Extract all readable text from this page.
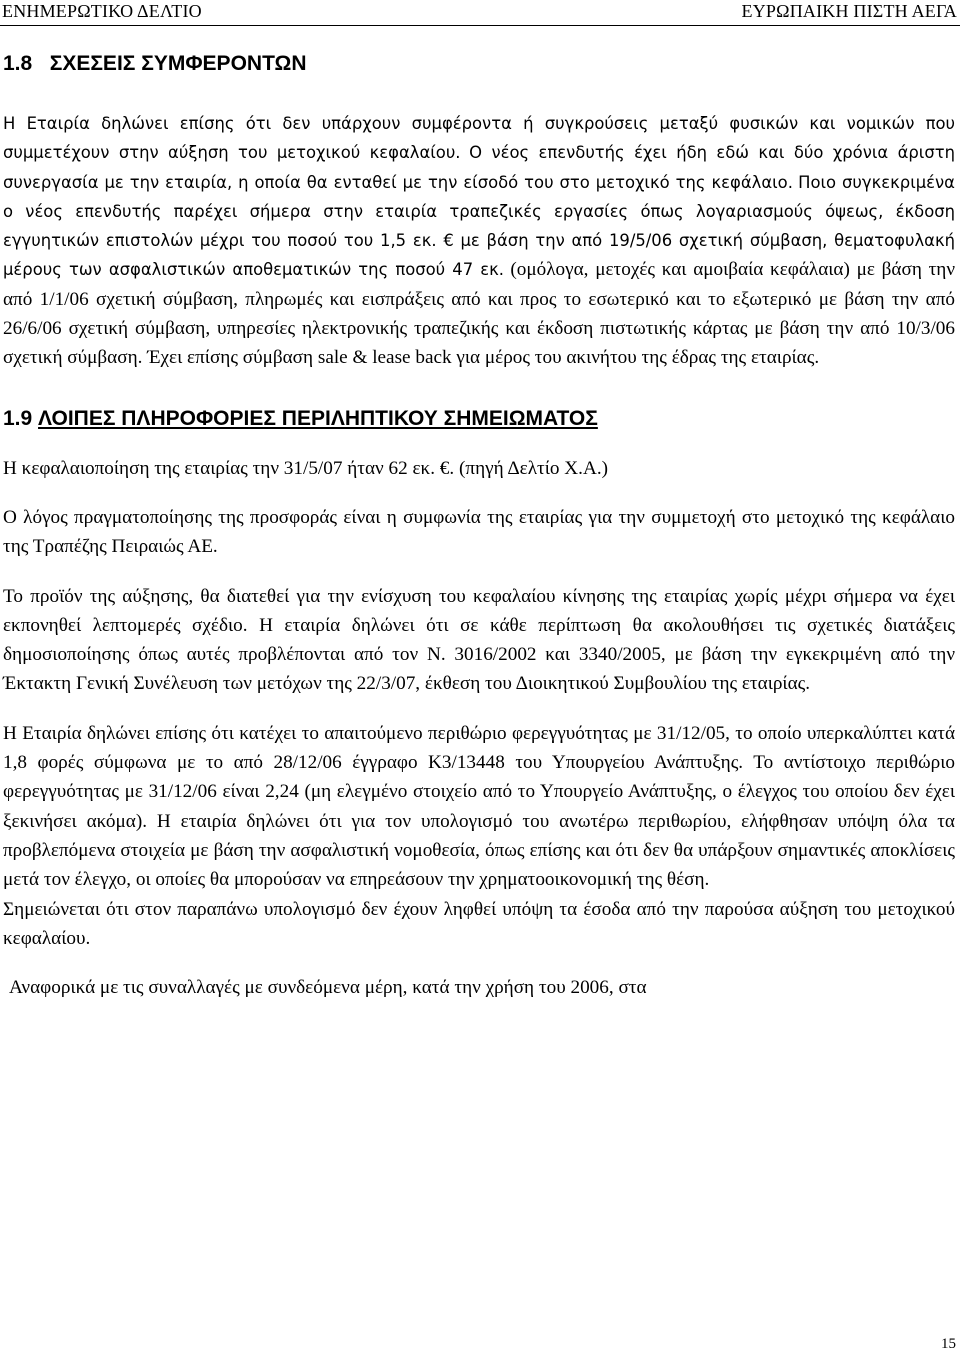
ΕΝΗΜΕΡΩΤΙΚΟ ΔΕΛΤΙΟ	ΕΥΡΩΠΑΙΚΗ ΠΙΣΤΗ ΑΕΓΑ
1.8 ΣΧΕΣΕΙΣ ΣΥΜΦΕΡΟΝΤΩΝ

Η Εταιρία δηλώνει επίσης ότι δεν υπάρχουν συμφέροντα ή συγκρούσεις μεταξύ φυσικών και νομικών που συμμετέχουν στην αύξηση του μετοχικού κεφαλαίου. Ο νέος επενδυτής έχει ήδη εδώ και δύο χρόνια άριστη συνεργασία με την εταιρία, η οποία θα ενταθεί με την είσοδό του στο μετοχικό της κεφάλαιο. Ποιο συγκεκριμένα ο νέος επενδυτής παρέχει σήμερα στην εταιρία τραπεζικές εργασίες όπως λογαριασμούς όψεως, έκδοση εγγυητικών επιστολών μέχρι του ποσού του 1,5 εκ. € με βάση την από 19/5/06 σχετική σύμβαση, θεματοφυλακή μέρους των ασφαλιστικών αποθεματικών της ποσού 47 εκ. (ομόλογα, μετοχές και αμοιβαία κεφάλαια) με βάση την από 1/1/06 σχετική σύμβαση, πληρωμές και εισπράξεις από και προς το εσωτερικό και το εξωτερικό με βάση την από 26/6/06 σχετική σύμβαση, υπηρεσίες ηλεκτρονικής τραπεζικής και έκδοση πιστωτικής κάρτας με βάση την από 10/3/06 σχετική σύμβαση. Έχει επίσης σύμβαση sale & lease back για μέρος του ακινήτου της έδρας της εταιρίας.

1.9 ΛΟΙΠΕΣ ΠΛΗΡΟΦΟΡΙΕΣ ΠΕΡΙΛΗΠΤΙΚΟΥ ΣΗΜΕΙΩΜΑΤΟΣ

Η κεφαλαιοποίηση της εταιρίας την 31/5/07 ήταν 62 εκ. €. (πηγή Δελτίο Χ.Α.)

Ο λόγος πραγματοποίησης της προσφοράς είναι η συμφωνία της εταιρίας για την συμμετοχή στο μετοχικό της κεφάλαιο της Τραπέζης Πειραιώς ΑΕ.

Το προϊόν της αύξησης, θα διατεθεί για την ενίσχυση του κεφαλαίου κίνησης της εταιρίας χωρίς μέχρι σήμερα να έχει εκπονηθεί λεπτομερές σχέδιο. Η εταιρία δηλώνει ότι σε κάθε περίπτωση θα ακολουθήσει τις σχετικές διατάξεις δημοσιοποίησης όπως αυτές προβλέπονται από τον Ν. 3016/2002 και 3340/2005, με βάση την εγκεκριμένη από την Έκτακτη Γενική Συνέλευση των μετόχων της 22/3/07, έκθεση του Διοικητικού Συμβουλίου της εταιρίας.

Η Εταιρία δηλώνει επίσης ότι κατέχει το απαιτούμενο περιθώριο φερεγγυότητας με 31/12/05, το οποίο υπερκαλύπτει κατά 1,8 φορές σύμφωνα με το από 28/12/06 έγγραφο Κ3/13448 του Υπουργείου Ανάπτυξης. Το αντίστοιχο περιθώριο φερεγγυότητας με 31/12/06 είναι 2,24 (μη ελεγμένο στοιχείο από το Υπουργείο Ανάπτυξης, ο έλεγχος του οποίου δεν έχει ξεκινήσει ακόμα). Η εταιρία δηλώνει ότι για τον υπολογισμό του ανωτέρω περιθωρίου, ελήφθησαν υπόψη όλα τα προβλεπόμενα στοιχεία με βάση την ασφαλιστική νομοθεσία, όπως επίσης και ότι δεν θα υπάρξουν σημαντικές αποκλίσεις μετά τον έλεγχο, οι οποίες θα μπορούσαν να επηρεάσουν την χρηματοοικονομική της θέση.

Σημειώνεται ότι στον παραπάνω υπολογισμό δεν έχουν ληφθεί υπόψη τα έσοδα από την παρούσα αύξηση του μετοχικού κεφαλαίου.

Αναφορικά με τις συναλλαγές με συνδεόμενα μέρη, κατά την χρήση του 2006, στα

15
